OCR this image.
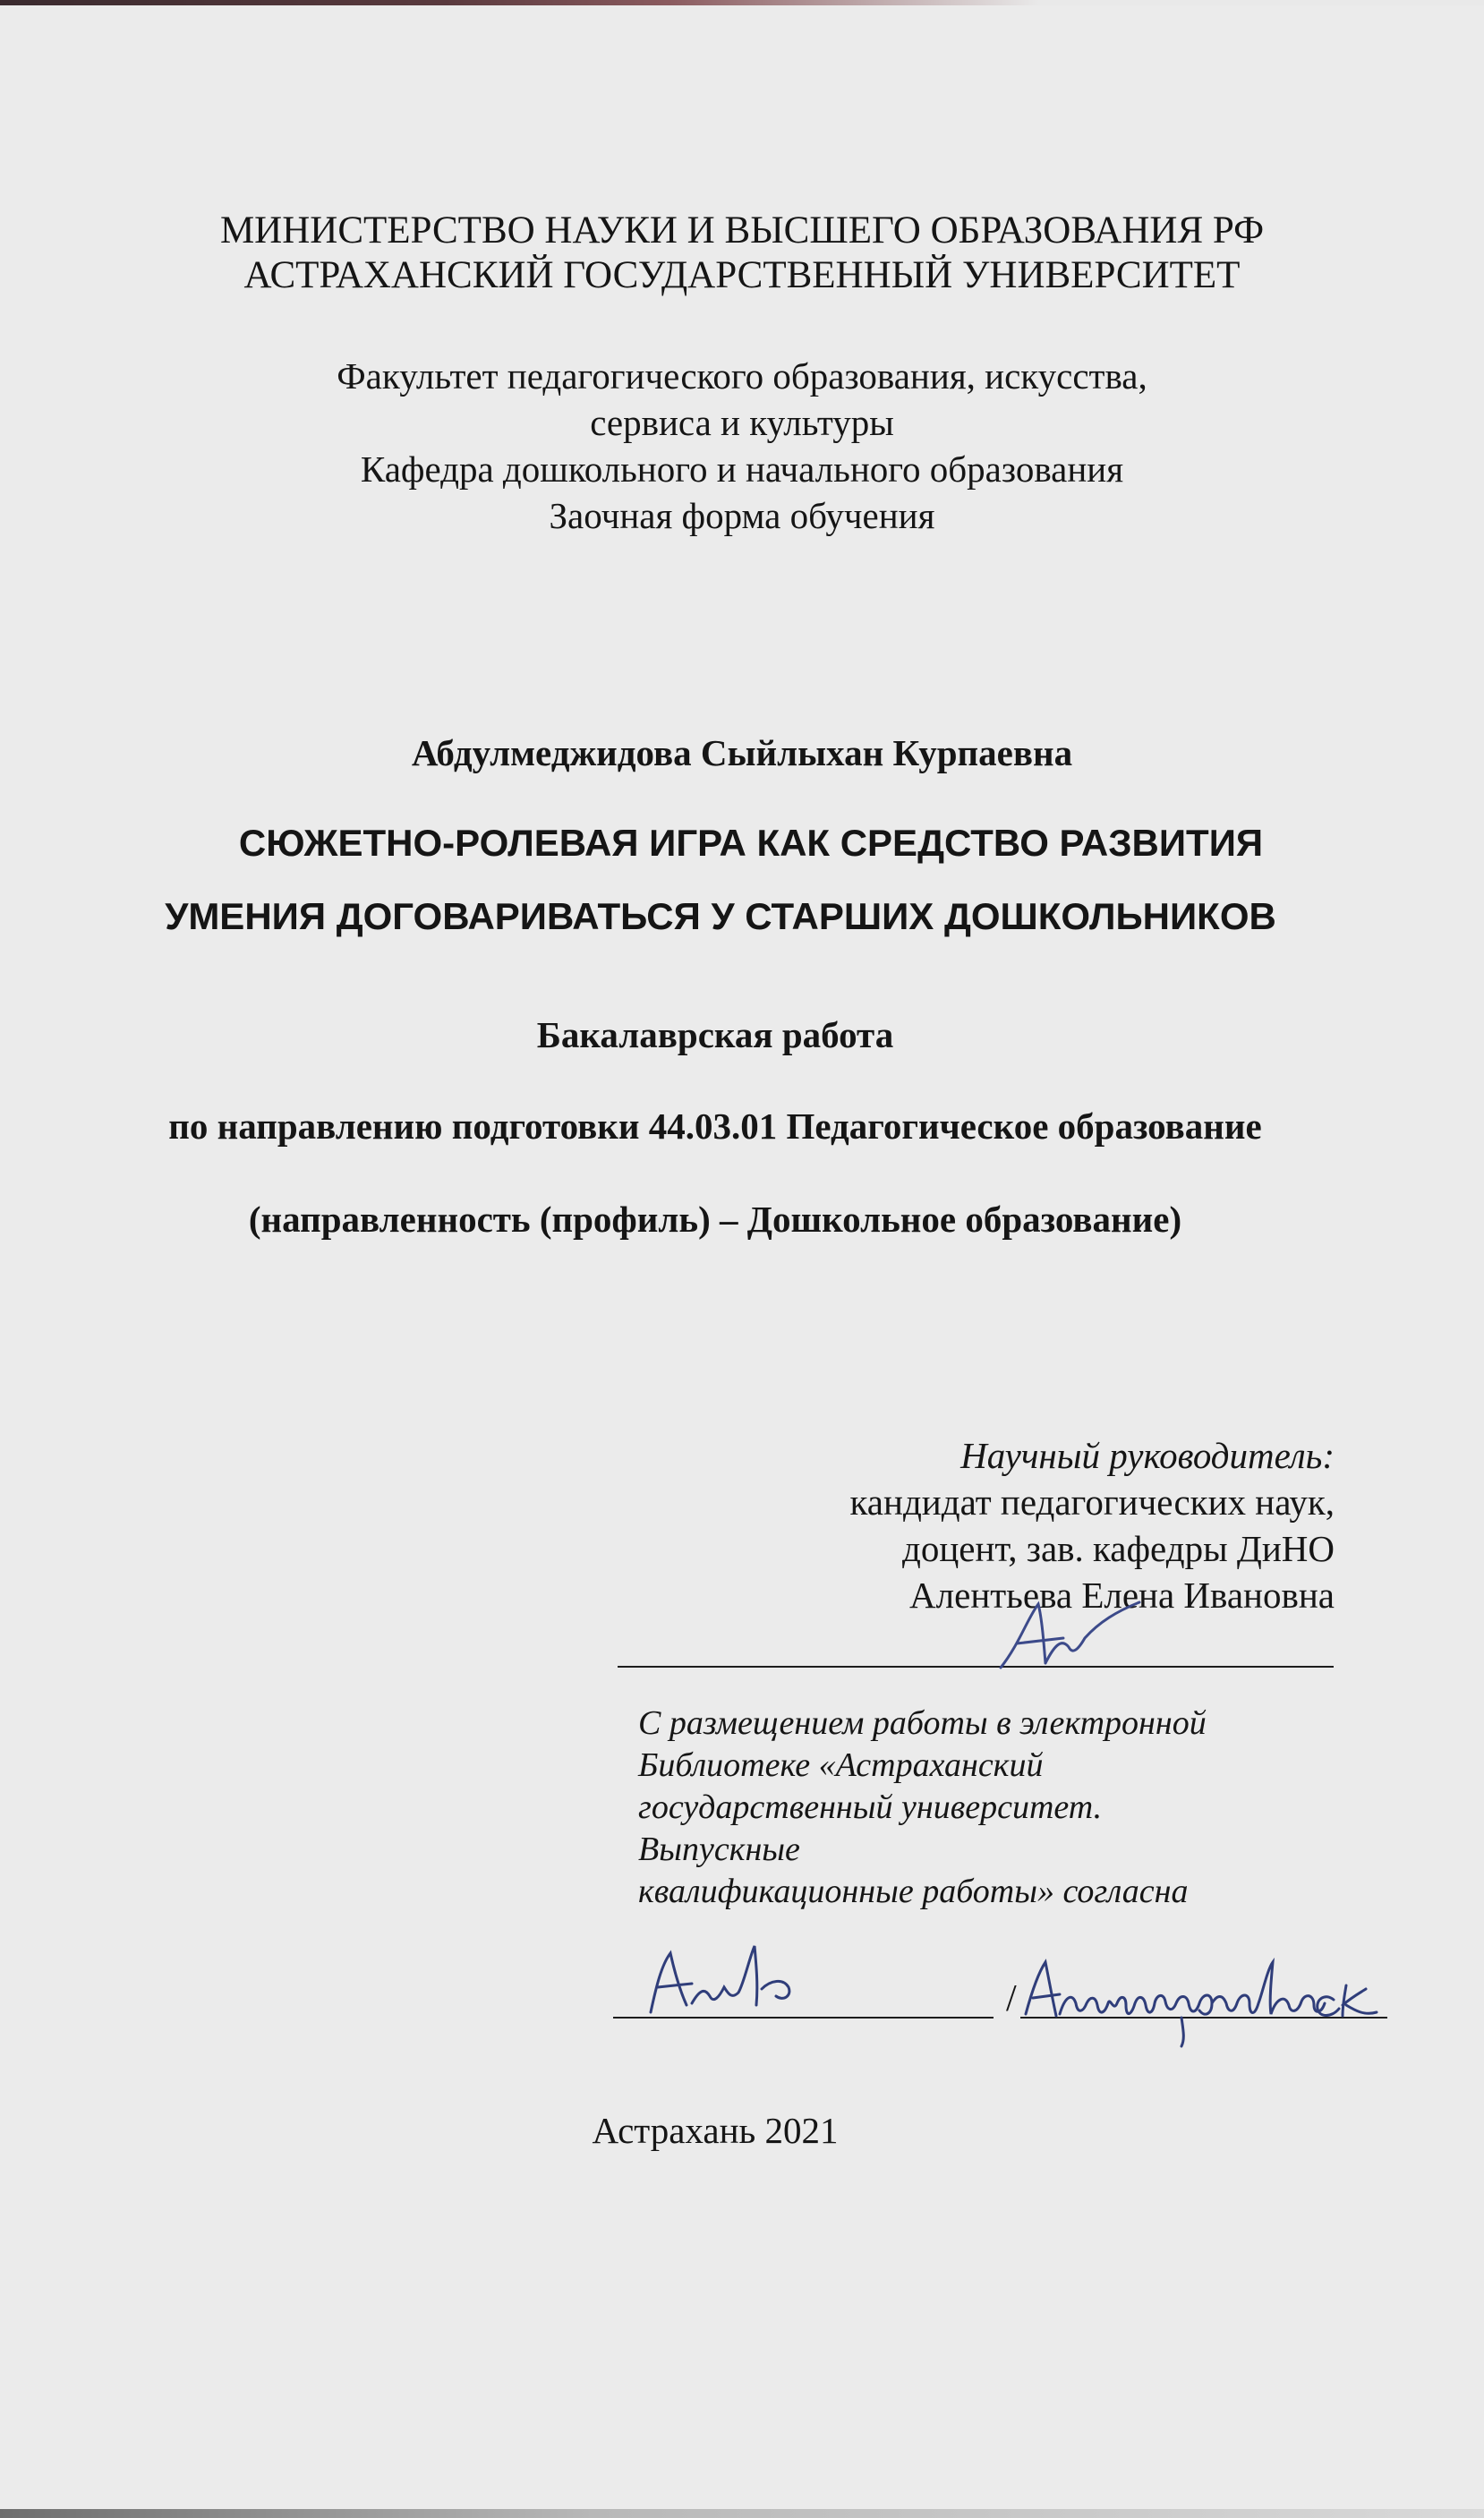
МИНИСТЕРСТВО НАУКИ И ВЫСШЕГО ОБРАЗОВАНИЯ РФ
АСТРАХАНСКИЙ ГОСУДАРСТВЕННЫЙ УНИВЕРСИТЕТ
Факультет педагогического образования, искусства,
сервиса и культуры
Кафедра дошкольного и начального образования
Заочная форма обучения
Абдулмеджидова Сыйлыхан Курпаевна
СЮЖЕТНО-РОЛЕВАЯ ИГРА КАК СРЕДСТВО РАЗВИТИЯ
УМЕНИЯ ДОГОВАРИВАТЬСЯ У СТАРШИХ ДОШКОЛЬНИКОВ
Бакалаврская работа
по направлению подготовки 44.03.01 Педагогическое образование
(направленность (профиль) – Дошкольное образование)
Научный руководитель:
кандидат педагогических наук,
доцент, зав. кафедры ДиНО
Алентьева Елена Ивановна
С размещением работы в электронной
Библиотеке «Астраханский
государственный университет.
Выпускные
квалификационные работы» согласна
/
Астрахань 2021
